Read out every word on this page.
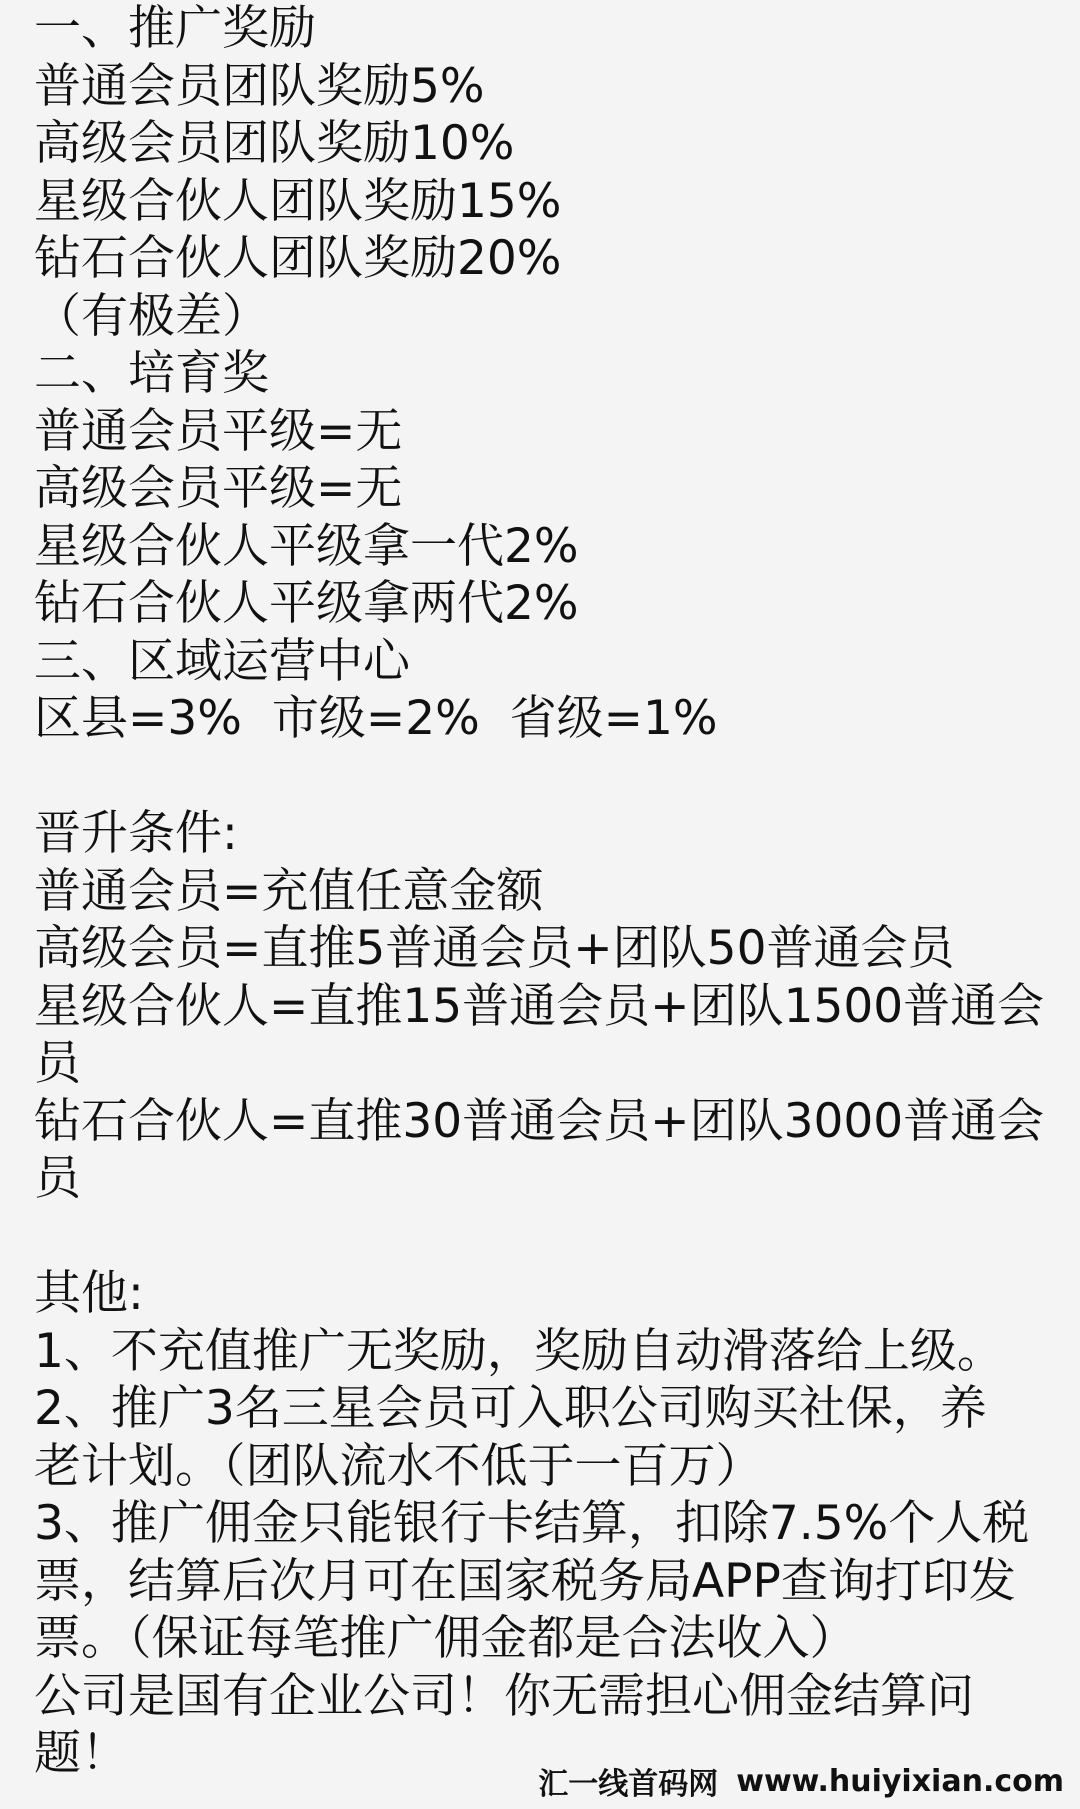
一、推广奖励
普通会员团队奖励5%
高级会员团队奖励10%
星级合伙人团队奖励15%
钻石合伙人团队奖励20%
（有极差）
二、培育奖
普通会员平级=无
高级会员平级=无
星级合伙人平级拿一代2%
钻石合伙人平级拿两代2%
三、区域运营中心
区县=3%  市级=2%  省级=1%
晋升条件:
普通会员=充值任意金额
高级会员=直推5普通会员+团队50普通会员
星级合伙人=直推15普通会员+团队1500普通会
员
钻石合伙人=直推30普通会员+团队3000普通会
员
其他:
1、不充值推广无奖励，奖励自动滑落给上级。
2、推广3名三星会员可入职公司购买社保，养
老计划。（团队流水不低于一百万）
3、推广佣金只能银行卡结算，扣除7.5%个人税
票，结算后次月可在国家税务局APP查询打印发
票。（保证每笔推广佣金都是合法收入）
公司是国有企业公司！你无需担心佣金结算问
题！
汇一线首码网 www.huiyixian.com
